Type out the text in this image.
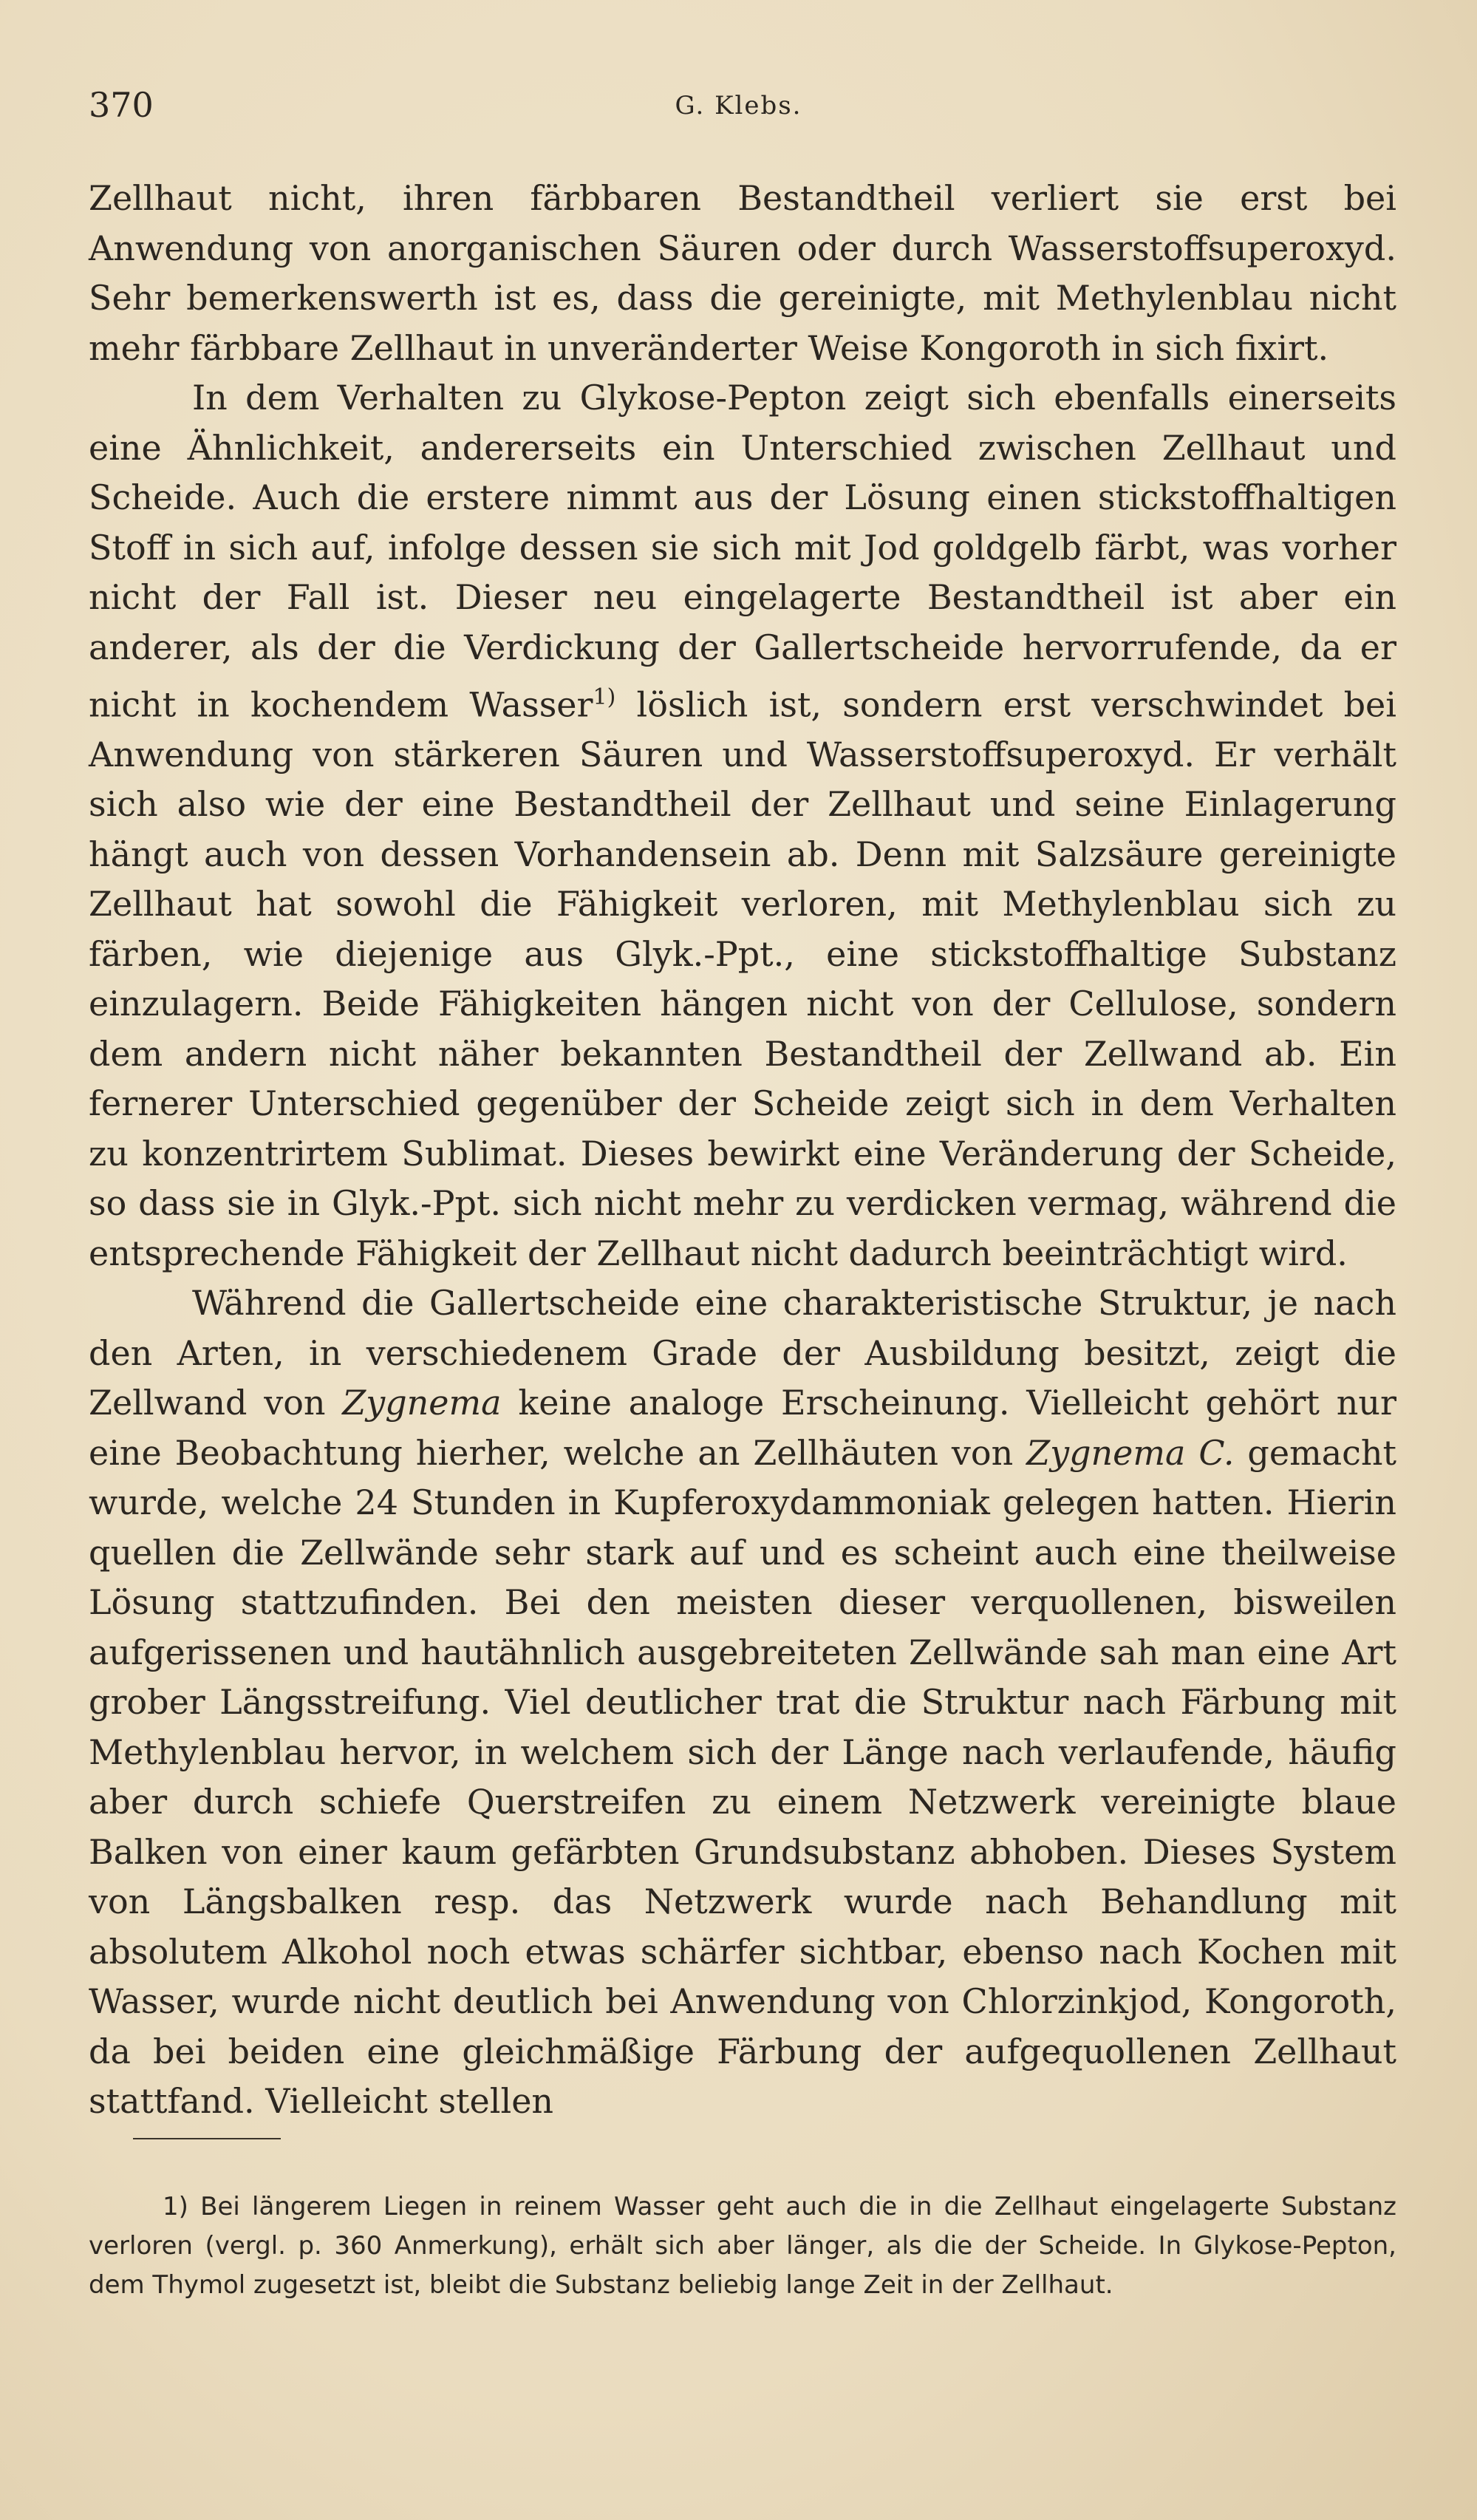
370	G. Klebs.

Zellhaut nicht, ihren färbbaren Bestandtheil verliert sie erst bei Anwendung von anorganischen Säuren oder durch Wasserstoffsuperoxyd. Sehr bemerkenswerth ist es, dass die gereinigte, mit Methylenblau nicht mehr färbbare Zellhaut in unveränderter Weise Kongoroth in sich fixirt.

In dem Verhalten zu Glykose-Pepton zeigt sich ebenfalls einerseits eine Ähnlichkeit, andererseits ein Unterschied zwischen Zellhaut und Scheide. Auch die erstere nimmt aus der Lösung einen stickstoffhaltigen Stoff in sich auf, infolge dessen sie sich mit Jod goldgelb färbt, was vorher nicht der Fall ist. Dieser neu eingelagerte Bestandtheil ist aber ein anderer, als der die Verdickung der Gallertscheide hervorrufende, da er nicht in kochendem Wasser$^{1)}$ löslich ist, sondern erst verschwindet bei Anwendung von stärkeren Säuren und Wasserstoffsuperoxyd. Er verhält sich also wie der eine Bestandtheil der Zellhaut und seine Einlagerung hängt auch von dessen Vorhandensein ab. Denn mit Salzsäure gereinigte Zellhaut hat sowohl die Fähigkeit verloren, mit Methylenblau sich zu färben, wie diejenige aus Glyk.-Ppt., eine stickstoffhaltige Substanz einzulagern. Beide Fähigkeiten hängen nicht von der Cellulose, sondern dem andern nicht näher bekannten Bestandtheil der Zellwand ab. Ein fernerer Unterschied gegenüber der Scheide zeigt sich in dem Verhalten zu konzentrirtem Sublimat. Dieses bewirkt eine Veränderung der Scheide, so dass sie in Glyk.-Ppt. sich nicht mehr zu verdicken vermag, während die entsprechende Fähigkeit der Zellhaut nicht dadurch beeinträchtigt wird.

Während die Gallertscheide eine charakteristische Struktur, je nach den Arten, in verschiedenem Grade der Ausbildung besitzt, zeigt die Zellwand von Zygnema keine analoge Erscheinung. Vielleicht gehört nur eine Beobachtung hierher, welche an Zellhäuten von Zygnema C. gemacht wurde, welche 24 Stunden in Kupferoxydammoniak gelegen hatten. Hierin quellen die Zellwände sehr stark auf und es scheint auch eine theilweise Lösung stattzufinden. Bei den meisten dieser verquollenen, bisweilen aufgerissenen und hautähnlich ausgebreiteten Zellwände sah man eine Art grober Längsstreifung. Viel deutlicher trat die Struktur nach Färbung mit Methylenblau hervor, in welchem sich der Länge nach verlaufende, häufig aber durch schiefe Querstreifen zu einem Netzwerk vereinigte blaue Balken von einer kaum gefärbten Grundsubstanz abhoben. Dieses System von Längsbalken resp. das Netzwerk wurde nach Behandlung mit absolutem Alkohol noch etwas schärfer sichtbar, ebenso nach Kochen mit Wasser, wurde nicht deutlich bei Anwendung von Chlorzinkjod, Kongoroth, da bei beiden eine gleichmäßige Färbung der aufgequollenen Zellhaut stattfand. Vielleicht stellen

1) Bei längerem Liegen in reinem Wasser geht auch die in die Zellhaut eingelagerte Substanz verloren (vergl. p. 360 Anmerkung), erhält sich aber länger, als die der Scheide. In Glykose-Pepton, dem Thymol zugesetzt ist, bleibt die Substanz beliebig lange Zeit in der Zellhaut.
